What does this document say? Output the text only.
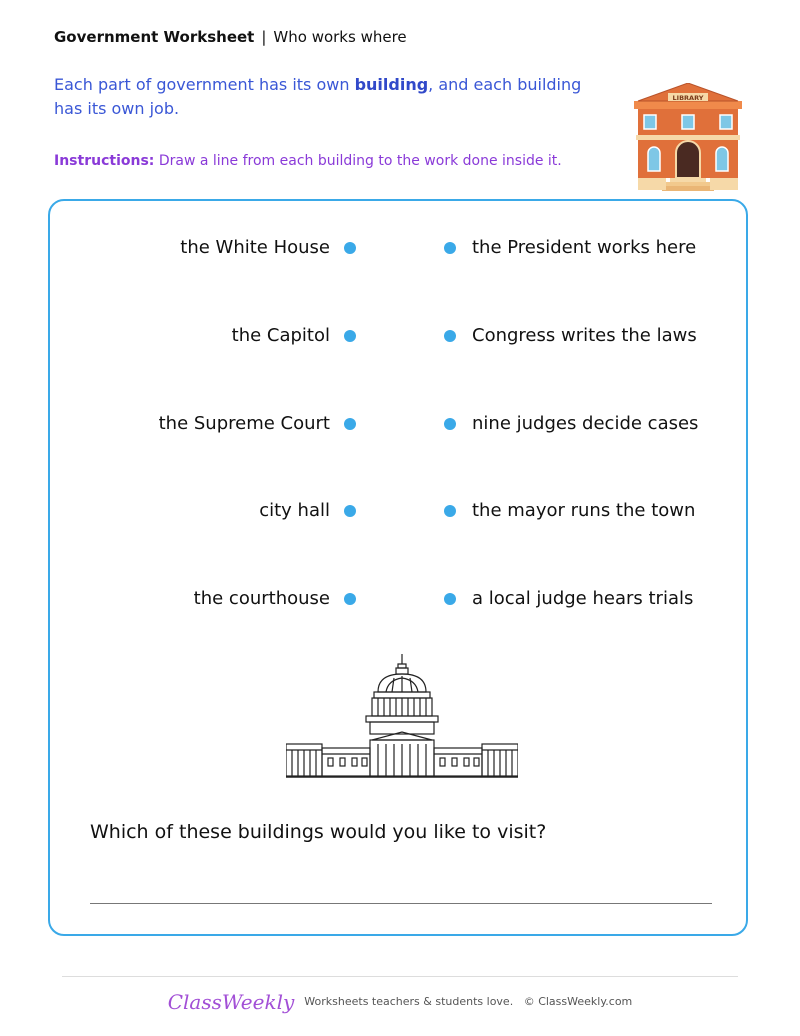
Government Worksheet | Who works where
Each part of government has its own building, and each building has its own job.
Instructions: Draw a line from each building to the work done inside it.
LIBRARY
the White House	the President works here
the Capitol	Congress writes the laws
the Supreme Court	nine judges decide cases
city hall	the mayor runs the town
the courthouse	a local judge hears trials
Which of these buildings would you like to visit?
ClassWeekly Worksheets teachers & students love. © ClassWeekly.com
